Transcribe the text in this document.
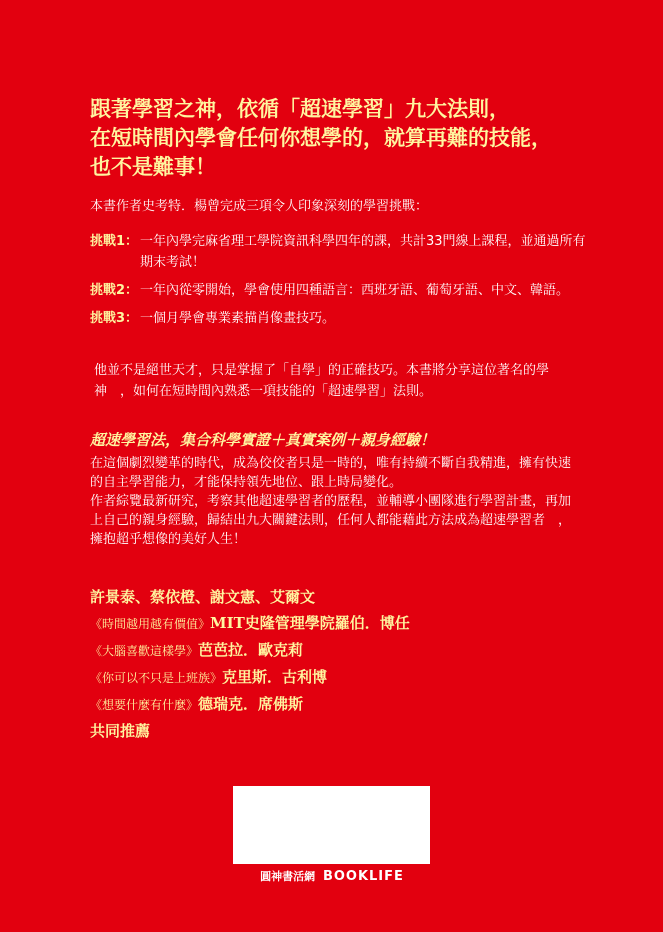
跟著學習之神，依循「超速學習」九大法則，
在短時間內學會任何你想學的，就算再難的技能，
也不是難事！
本書作者史考特．楊曾完成三項令人印象深刻的學習挑戰：
挑戰1： 一年內學完麻省理工學院資訊科學四年的課，共計33門線上課程，並通過所有期末考試！
挑戰2： 一年內從零開始，學會使用四種語言：西班牙語、葡萄牙語、中文、韓語。
挑戰3： 一個月學會專業素描肖像畫技巧。
他並不是絕世天才，只是掌握了「自學」的正確技巧。本書將分享這位著名的學神　，如何在短時間內熟悉一項技能的「超速學習」法則。
超速學習法，集合科學實證＋真實案例＋親身經驗！
在這個劇烈變革的時代，成為佼佼者只是一時的，唯有持續不斷自我精進，擁有快速的自主學習能力，才能保持領先地位、跟上時局變化。
作者綜覽最新研究，考察其他超速學習者的歷程，並輔導小團隊進行學習計畫，再加上自己的親身經驗，歸結出九大關鍵法則，任何人都能藉此方法成為超速學習者　，擁抱超乎想像的美好人生！
許景泰、蔡依橙、謝文憲、艾爾文
《時間越用越有價值》MIT史隆管理學院羅伯．博任
《大腦喜歡這樣學》芭芭拉．歐克莉
《你可以不只是上班族》克里斯．古利博
《想要什麼有什麼》德瑞克．席佛斯
共同推薦
圓神書活網 BOOKLIFE
